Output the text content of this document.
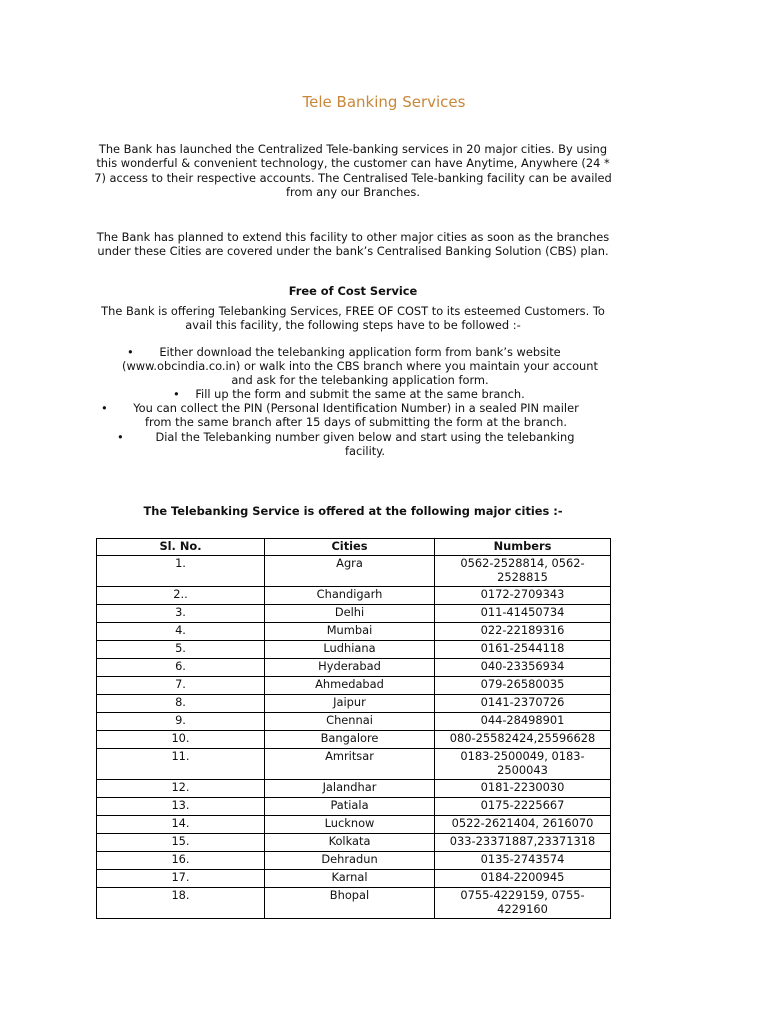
Tele Banking Services

The Bank has launched the Centralized Tele-banking services in 20 major cities. By using this wonderful & convenient technology, the customer can have Anytime, Anywhere (24 * 7) access to their respective accounts. The Centralised Tele-banking facility can be availed from any our Branches.

The Bank has planned to extend this facility to other major cities as soon as the branches under these Cities are covered under the bank’s Centralised Banking Solution (CBS) plan.

Free of Cost Service

The Bank is offering Telebanking Services, FREE OF COST to its esteemed Customers. To avail this facility, the following steps have to be followed :-

•	Either download the telebanking application form from bank’s website (www.obcindia.co.in) or walk into the CBS branch where you maintain your account and ask for the telebanking application form.
•	Fill up the form and submit the same at the same branch.
•	You can collect the PIN (Personal Identification Number) in a sealed PIN mailer from the same branch after 15 days of submitting the form at the branch.
•	Dial the Telebanking number given below and start using the telebanking facility.

The Telebanking Service is offered at the following major cities :-

Sl. No.	Cities	Numbers
1.	Agra	0562-2528814, 0562-2528815
2..	Chandigarh	0172-2709343
3.	Delhi	011-41450734
4.	Mumbai	022-22189316
5.	Ludhiana	0161-2544118
6.	Hyderabad	040-23356934
7.	Ahmedabad	079-26580035
8.	Jaipur	0141-2370726
9.	Chennai	044-28498901
10.	Bangalore	080-25582424,25596628
11.	Amritsar	0183-2500049, 0183-2500043
12.	Jalandhar	0181-2230030
13.	Patiala	0175-2225667
14.	Lucknow	0522-2621404, 2616070
15.	Kolkata	033-23371887,23371318
16.	Dehradun	0135-2743574
17.	Karnal	0184-2200945
18.	Bhopal	0755-4229159, 0755-4229160
